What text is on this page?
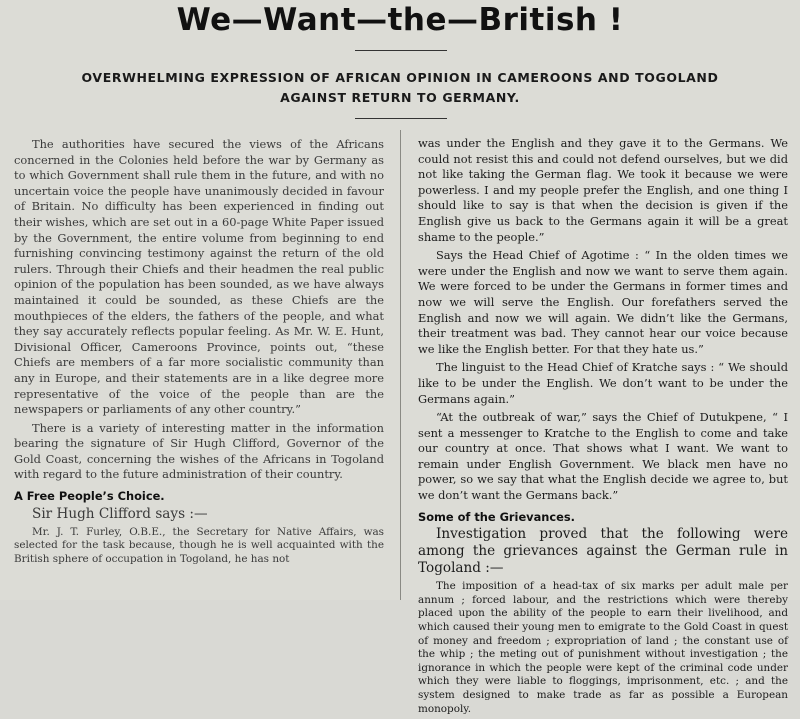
We—Want—the—British !
OVERWHELMING EXPRESSION OF AFRICAN OPINION IN CAMEROONS AND TOGOLAND AGAINST RETURN TO GERMANY.

The authorities have secured the views of the Africans concerned in the Colonies held before the war by Germany as to which Government shall rule them in the future, and with no uncertain voice the people have unanimously decided in favour of Britain. No difficulty has been experienced in finding out their wishes, which are set out in a 60-page White Paper issued by the Government, the entire volume from beginning to end furnishing convincing testimony against the return of the old rulers. Through their Chiefs and their headmen the real public opinion of the population has been sounded, as we have always maintained it could be sounded, as these Chiefs are the mouthpieces of the elders, the fathers of the people, and what they say accurately reflects popular feeling. As Mr. W. E. Hunt, Divisional Officer, Cameroons Province, points out, “these Chiefs are members of a far more socialistic community than any in Europe, and their statements are in a like degree more representative of the voice of the people than are the newspapers or parliaments of any other country.”

There is a variety of interesting matter in the information bearing the signature of Sir Hugh Clifford, Governor of the Gold Coast, concerning the wishes of the Africans in Togoland with regard to the future administration of their country.

A Free People’s Choice.

Sir Hugh Clifford says :—

Mr. J. T. Furley, O.B.E., the Secretary for Native Affairs, was selected for the task because, though he is well acquainted with the British sphere of occupation in Togoland, he has not

was under the English and they gave it to the Germans. We could not resist this and could not defend ourselves, but we did not like taking the German flag. We took it because we were powerless. I and my people prefer the English, and one thing I should like to say is that when the decision is given if the English give us back to the Germans again it will be a great shame to the people.”

Says the Head Chief of Agotime : “ In the olden times we were under the English and now we want to serve them again. We were forced to be under the Germans in former times and now we will serve the English. Our forefathers served the English and now we will again. We didn’t like the Germans, their treatment was bad. They cannot hear our voice because we like the English better. For that they hate us.”

The linguist to the Head Chief of Kratche says : “ We should like to be under the English. We don’t want to be under the Germans again.”

“At the outbreak of war,” says the Chief of Dutukpene, “ I sent a messenger to Kratche to the English to come and take our country at once. That shows what I want. We want to remain under English Government. We black men have no power, so we say that what the English decide we agree to, but we don’t want the Germans back.”

Some of the Grievances.

Investigation proved that the following were among the grievances against the German rule in Togoland :—

The imposition of a head-tax of six marks per adult male per annum ; forced labour, and the restrictions which were thereby placed upon the ability of the people to earn their livelihood, and which caused their young men to emigrate to the Gold Coast in quest of money and freedom ; expropriation of land ; the constant use of the whip ; the meting out of punishment without investigation ; the ignorance in which the people were kept of the criminal code under which they were liable to floggings, imprisonment, etc. ; and the system designed to make trade as far as possible a European monopoly.
